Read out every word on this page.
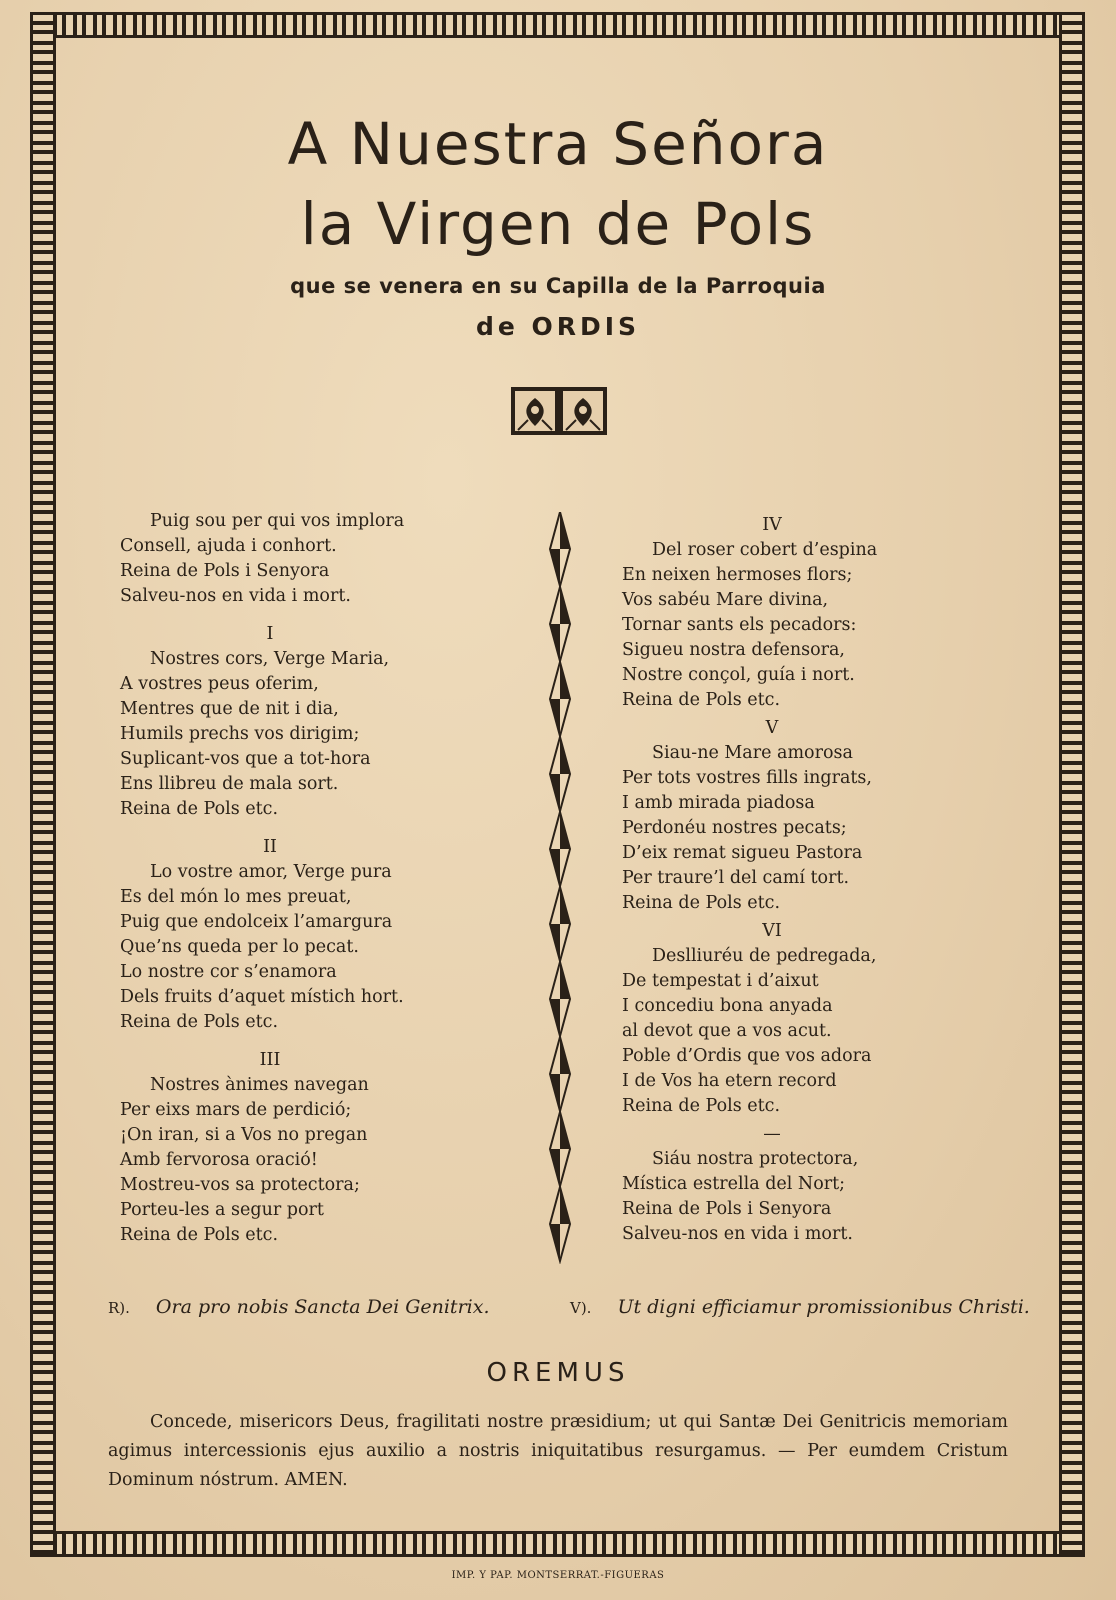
A Nuestra Señora
la Virgen de Pols
que se venera en su Capilla de la Parroquia
de ORDIS
Puig sou per qui vos implora
Consell, ajuda i conhort.
Reina de Pols i Senyora
Salveu-nos en vida i mort.
I
Nostres cors, Verge Maria,
A vostres peus oferim,
Mentres que de nit i dia,
Humils prechs vos dirigim;
Suplicant-vos que a tot-hora
Ens llibreu de mala sort.
Reina de Pols etc.
II
Lo vostre amor, Verge pura
Es del món lo mes preuat,
Puig que endolceix l’amargura
Que’ns queda per lo pecat.
Lo nostre cor s’enamora
Dels fruits d’aquet místich hort.
Reina de Pols etc.
III
Nostres ànimes navegan
Per eixs mars de perdició;
¡On iran, si a Vos no pregan
Amb fervorosa oració!
Mostreu-vos sa protectora;
Porteu-les a segur port
Reina de Pols etc.
IV
Del roser cobert d’espina
En neixen hermoses flors;
Vos sabéu Mare divina,
Tornar sants els pecadors:
Sigueu nostra defensora,
Nostre conçol, guía i nort.
Reina de Pols etc.
V
Siau-ne Mare amorosa
Per tots vostres fills ingrats,
I amb mirada piadosa
Perdonéu nostres pecats;
D’eix remat sigueu Pastora
Per traure’l del camí tort.
Reina de Pols etc.
VI
Deslliuréu de pedregada,
De tempestat i d’aixut
I concediu bona anyada
al devot que a vos acut.
Poble d’Ordis que vos adora
I de Vos ha etern record
Reina de Pols etc.
—
Siáu nostra protectora,
Mística estrella del Nort;
Reina de Pols i Senyora
Salveu-nos en vida i mort.
R). Ora pro nobis Sancta Dei Genitrix.	V). Ut digni efficiamur promissionibus Christi.
OREMUS
Concede, misericors Deus, fragilitati nostre præsidium; ut qui Santæ Dei Genitricis memoriam agimus intercessionis ejus auxilio a nostris iniquitatibus resurgamus. — Per eumdem Cristum Dominum nóstrum. AMEN.
IMP. Y PAP. MONTSERRAT.-FIGUERAS
